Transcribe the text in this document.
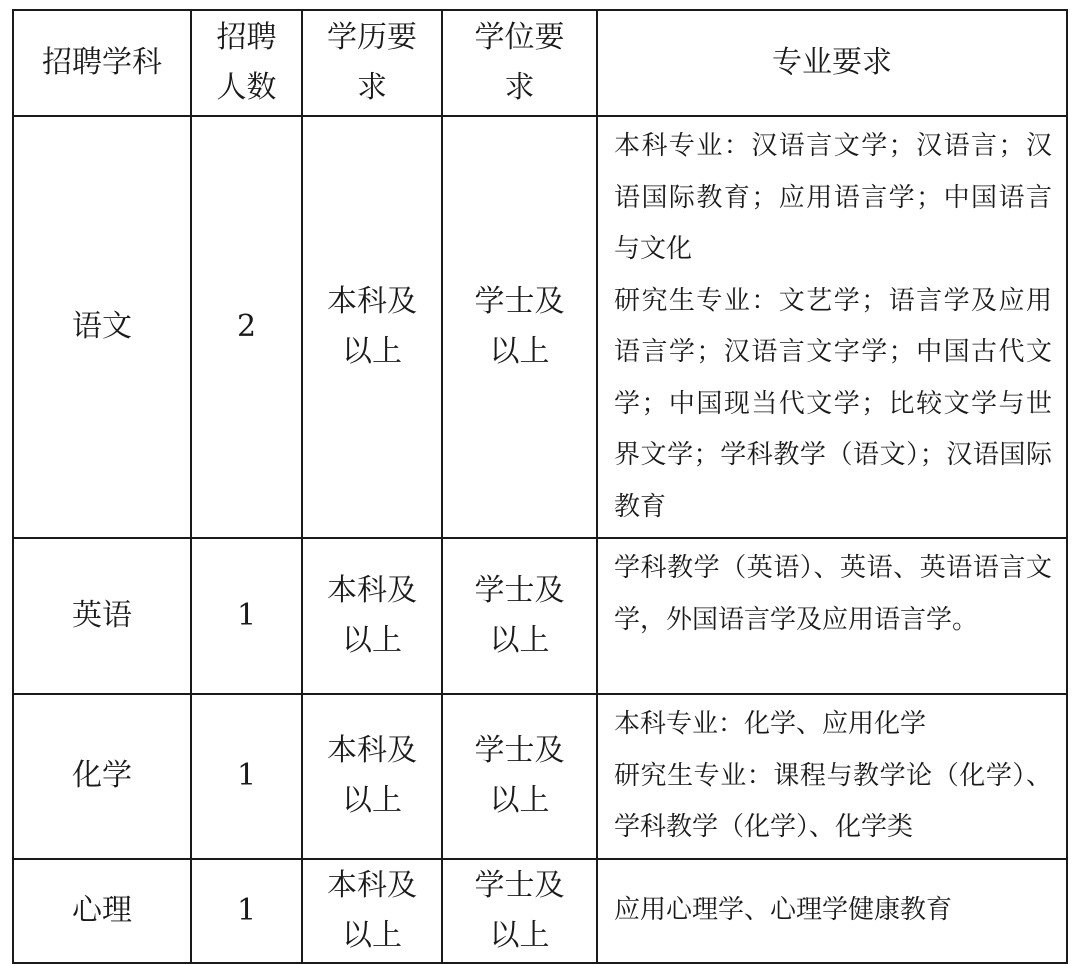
招聘学科	招聘人数	学历要求	学位要求	专业要求
语文	2	本科及以上	学士及以上	本科专业：汉语言文学；汉语言；汉语国际教育；应用语言学；中国语言与文化

研究生专业：文艺学；语言学及应用语言学；汉语言文字学；中国古代文学；中国现当代文学；比较文学与世界文学；学科教学（语文）；汉语国际教育

英语	1	本科及以上	学士及以上	学科教学（英语）、英语、英语语言文学，外国语言学及应用语言学。

化学	1	本科及以上	学士及以上	本科专业：化学、应用化学

研究生专业：课程与教学论（化学）、学科教学（化学）、化学类

心理	1	本科及以上	学士及以上	应用心理学、心理学健康教育
